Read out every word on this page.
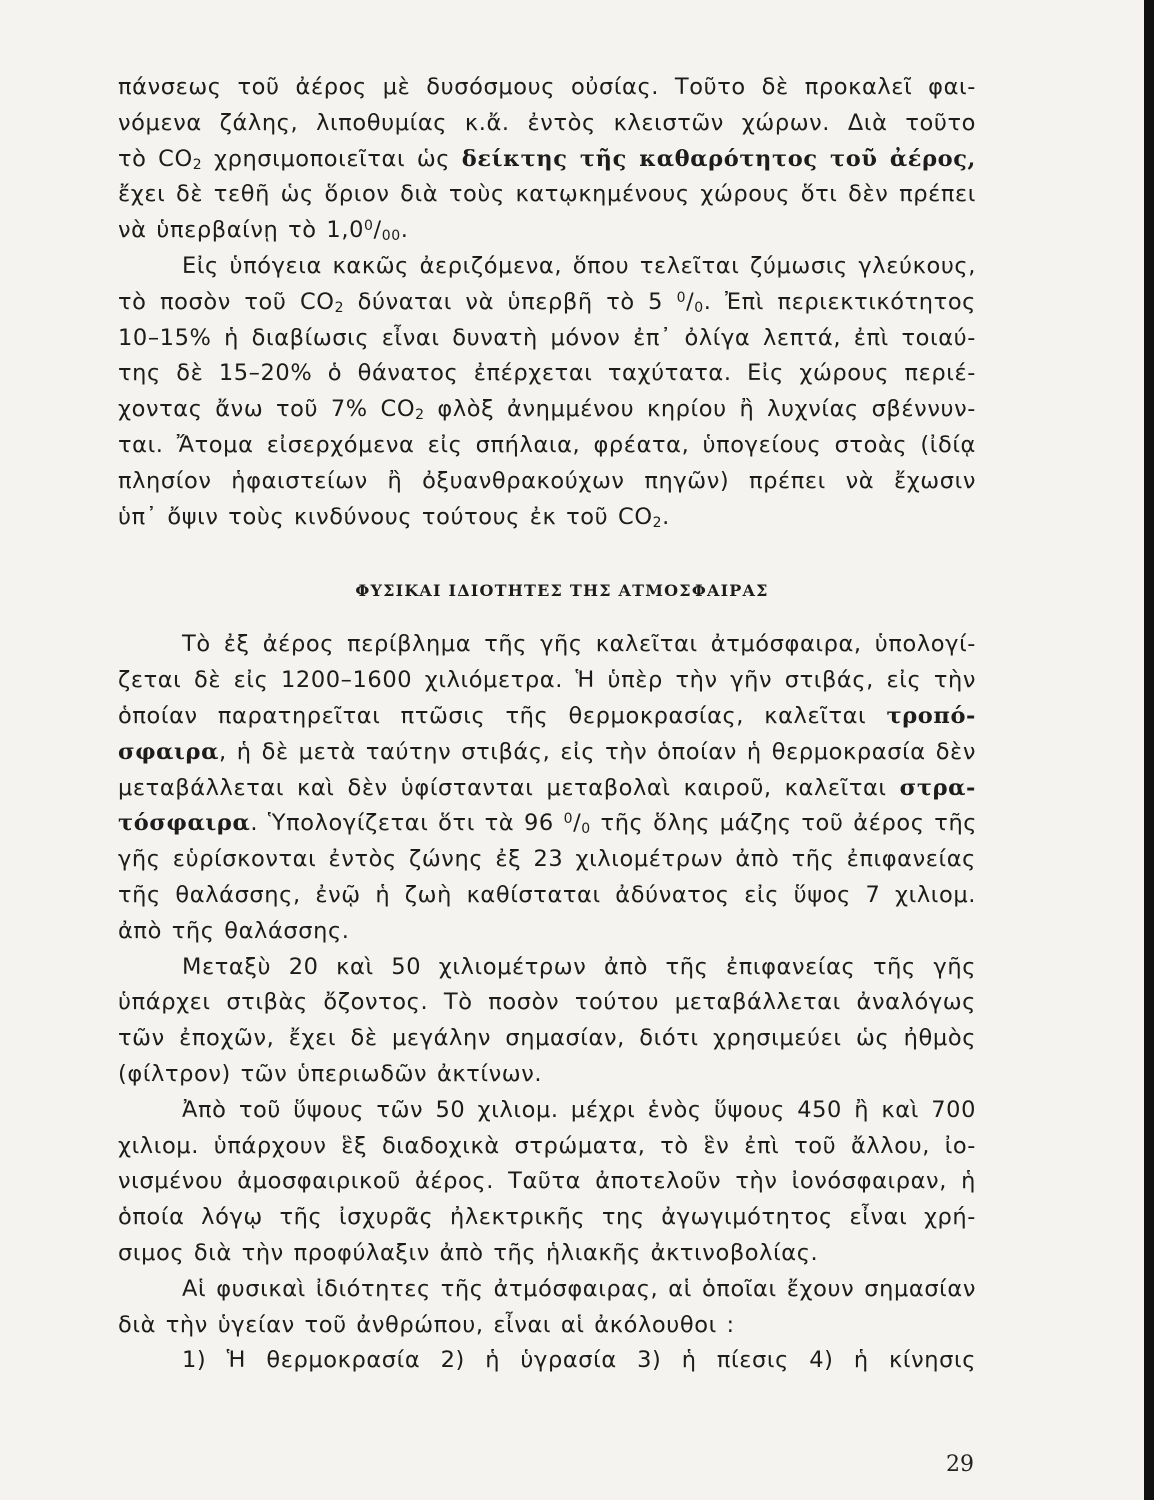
πάνσεως τοῦ ἀέρος μὲ δυσόσμους οὐσίας. Τοῦτο δὲ προκαλεῖ φαι-
νόμενα ζάλης, λιποθυμίας κ.ἄ. ἐντὸς κλειστῶν χώρων. Διὰ τοῦτο
τὸ $CO_2$ χρησιμοποιεῖται ὡς δείκτης τῆς καθαρότητος τοῦ ἀέρος,
ἔχει δὲ τεθῆ ὡς ὅριον διὰ τοὺς κατῳκημένους χώρους ὅτι δὲν πρέπει
νὰ ὑπερβαίνῃ τὸ $1,0^0/_{00}$.
Εἰς ὑπόγεια κακῶς ἀεριζόμενα, ὅπου τελεῖται ζύμωσις γλεύκους,
τὸ ποσὸν τοῦ $CO_2$ δύναται νὰ ὑπερβῆ τὸ 5 $^0/_0$. Ἐπὶ περιεκτικότητος
10–15% ἡ διαβίωσις εἶναι δυνατὴ μόνον ἐπ᾽ ὀλίγα λεπτά, ἐπὶ τοιαύ-
της δὲ 15–20% ὁ θάνατος ἐπέρχεται ταχύτατα. Εἰς χώρους περιέ-
χοντας ἄνω τοῦ 7% $CO_2$ φλὸξ ἀνημμένου κηρίου ἢ λυχνίας σβέννυν-
ται. Ἄτομα εἰσερχόμενα εἰς σπήλαια, φρέατα, ὑπογείους στοὰς (ἰδίᾳ
πλησίον ἡφαιστείων ἢ ὀξυανθρακούχων πηγῶν) πρέπει νὰ ἔχωσιν
ὑπ᾽ ὄψιν τοὺς κινδύνους τούτους ἐκ τοῦ $CO_2$.
ΦΥΣΙΚΑΙ ΙΔΙΟΤΗΤΕΣ ΤΗΣ ΑΤΜΟΣΦΑΙΡΑΣ
Τὸ ἐξ ἀέρος περίβλημα τῆς γῆς καλεῖται ἀτμόσφαιρα, ὑπολογί-
ζεται δὲ εἰς 1200–1600 χιλιόμετρα. Ἡ ὑπὲρ τὴν γῆν στιβάς, εἰς τὴν
ὁποίαν παρατηρεῖται πτῶσις τῆς θερμοκρασίας, καλεῖται τροπό-
σφαιρα, ἡ δὲ μετὰ ταύτην στιβάς, εἰς τὴν ὁποίαν ἡ θερμοκρασία δὲν
μεταβάλλεται καὶ δὲν ὑφίστανται μεταβολαὶ καιροῦ, καλεῖται στρα-
τόσφαιρα. Ὑπολογίζεται ὅτι τὰ 96 $^0/_0$ τῆς ὅλης μάζης τοῦ ἀέρος τῆς
γῆς εὑρίσκονται ἐντὸς ζώνης ἐξ 23 χιλιομέτρων ἀπὸ τῆς ἐπιφανείας
τῆς θαλάσσης, ἐνῷ ἡ ζωὴ καθίσταται ἀδύνατος εἰς ὕψος 7 χιλιομ.
ἀπὸ τῆς θαλάσσης.
Μεταξὺ 20 καὶ 50 χιλιομέτρων ἀπὸ τῆς ἐπιφανείας τῆς γῆς
ὑπάρχει στιβὰς ὄζοντος. Τὸ ποσὸν τούτου μεταβάλλεται ἀναλόγως
τῶν ἐποχῶν, ἔχει δὲ μεγάλην σημασίαν, διότι χρησιμεύει ὡς ἠθμὸς
(φίλτρον) τῶν ὑπεριωδῶν ἀκτίνων.
Ἀπὸ τοῦ ὕψους τῶν 50 χιλιομ. μέχρι ἑνὸς ὕψους 450 ἢ καὶ 700
χιλιομ. ὑπάρχουν ἓξ διαδοχικὰ στρώματα, τὸ ἓν ἐπὶ τοῦ ἄλλου, ἰο-
νισμένου ἀμοσφαιρικοῦ ἀέρος. Ταῦτα ἀποτελοῦν τὴν ἰονόσφαιραν, ἡ
ὁποία λόγῳ τῆς ἰσχυρᾶς ἠλεκτρικῆς της ἀγωγιμότητος εἶναι χρή-
σιμος διὰ τὴν προφύλαξιν ἀπὸ τῆς ἡλιακῆς ἀκτινοβολίας.
Αἱ φυσικαὶ ἰδιότητες τῆς ἀτμόσφαιρας, αἱ ὁποῖαι ἔχουν σημασίαν
διὰ τὴν ὑγείαν τοῦ ἀνθρώπου, εἶναι αἱ ἀκόλουθοι :
1) Ἡ θερμοκρασία 2) ἡ ὑγρασία 3) ἡ πίεσις 4) ἡ κίνησις
29
